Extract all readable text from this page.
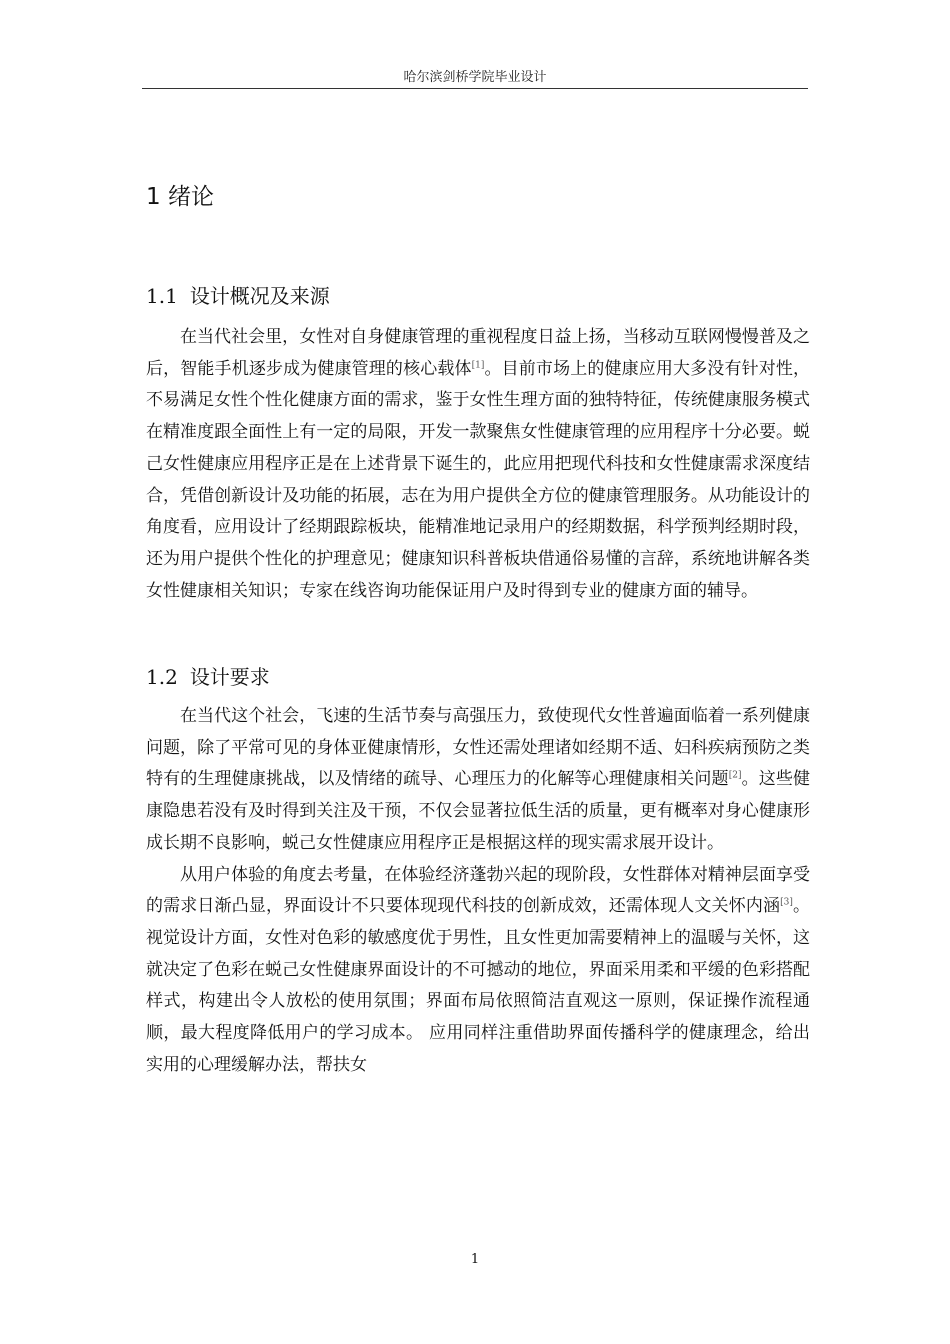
哈尔滨剑桥学院毕业设计
1 绪论
1.1 设计概况及来源

在当代社会里，女性对自身健康管理的重视程度日益上扬，当移动互联网慢慢普及之后，智能手机逐步成为健康管理的核心载体[1]。目前市场上的健康应用大多没有针对性，不易满足女性个性化健康方面的需求，鉴于女性生理方面的独特特征，传统健康服务模式在精准度跟全面性上有一定的局限，开发一款聚焦女性健康管理的应用程序十分必要。蜕己女性健康应用程序正是在上述背景下诞生的，此应用把现代科技和女性健康需求深度结合，凭借创新设计及功能的拓展，志在为用户提供全方位的健康管理服务。从功能设计的角度看，应用设计了经期跟踪板块，能精准地记录用户的经期数据，科学预判经期时段，还为用户提供个性化的护理意见；健康知识科普板块借通俗易懂的言辞，系统地讲解各类女性健康相关知识；专家在线咨询功能保证用户及时得到专业的健康方面的辅导。

1.2 设计要求

在当代这个社会，飞速的生活节奏与高强压力，致使现代女性普遍面临着一系列健康问题，除了平常可见的身体亚健康情形，女性还需处理诸如经期不适、妇科疾病预防之类特有的生理健康挑战，以及情绪的疏导、心理压力的化解等心理健康相关问题[2]。这些健康隐患若没有及时得到关注及干预，不仅会显著拉低生活的质量，更有概率对身心健康形成长期不良影响，蜕己女性健康应用程序正是根据这样的现实需求展开设计。

从用户体验的角度去考量，在体验经济蓬勃兴起的现阶段，女性群体对精神层面享受的需求日渐凸显，界面设计不只要体现现代科技的创新成效，还需体现人文关怀内涵[3]。视觉设计方面，女性对色彩的敏感度优于男性，且女性更加需要精神上的温暖与关怀，这就决定了色彩在蜕己女性健康界面设计的不可撼动的地位，界面采用柔和平缓的色彩搭配样式，构建出令人放松的使用氛围；界面布局依照简洁直观这一原则，保证操作流程通顺，最大程度降低用户的学习成本。 应用同样注重借助界面传播科学的健康理念，给出实用的心理缓解办法，帮扶女

1
